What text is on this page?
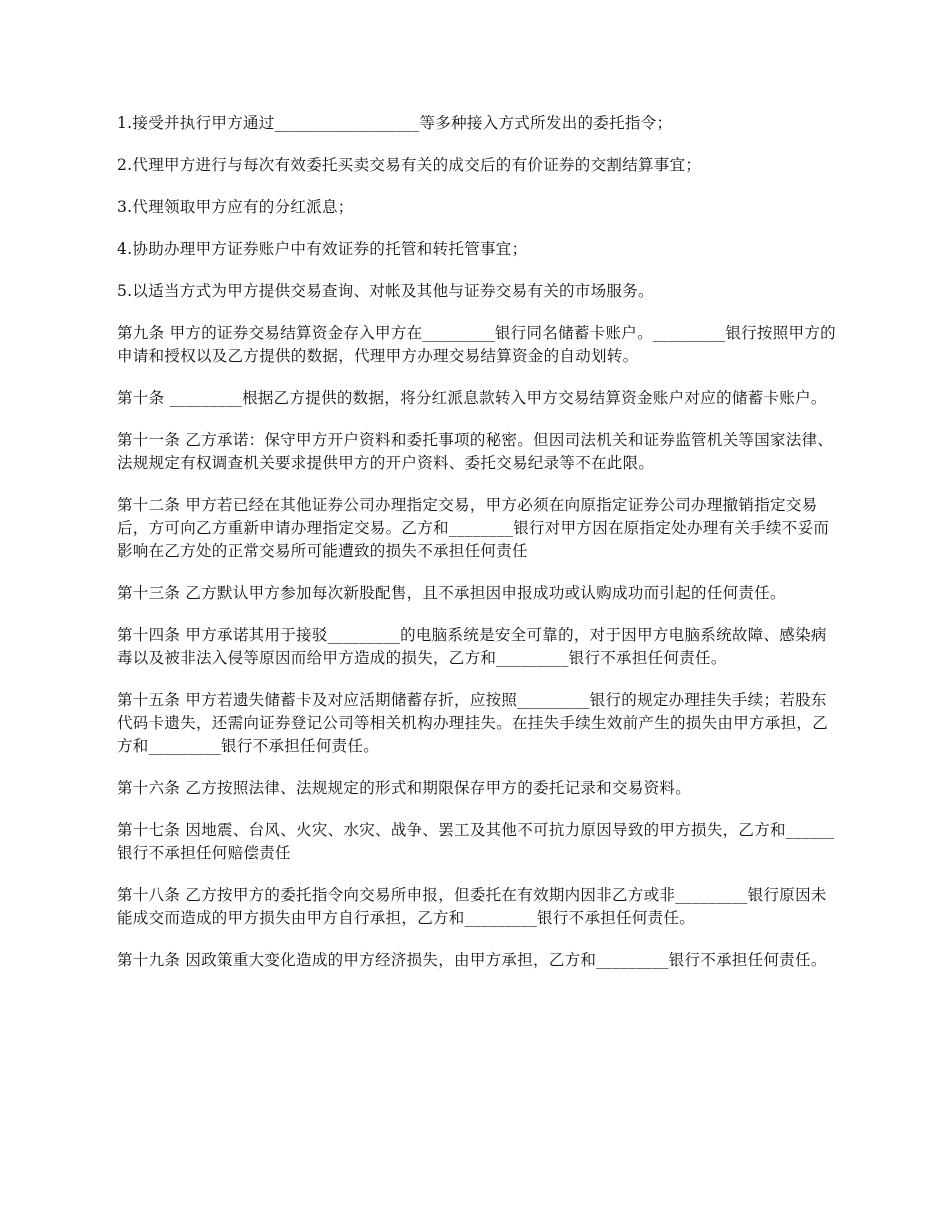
1.接受并执行甲方通过__________________等多种接入方式所发出的委托指令；

2.代理甲方进行与每次有效委托买卖交易有关的成交后的有价证券的交割结算事宜；

3.代理领取甲方应有的分红派息；

4.协助办理甲方证券账户中有效证券的托管和转托管事宜；

5.以适当方式为甲方提供交易查询、对帐及其他与证券交易有关的市场服务。

第九条 甲方的证券交易结算资金存入甲方在_________银行同名储蓄卡账户。_________银行按照甲方的申请和授权以及乙方提供的数据，代理甲方办理交易结算资金的自动划转。

第十条 _________根据乙方提供的数据，将分红派息款转入甲方交易结算资金账户对应的储蓄卡账户。

第十一条 乙方承诺：保守甲方开户资料和委托事项的秘密。但因司法机关和证券监管机关等国家法律、法规规定有权调查机关要求提供甲方的开户资料、委托交易纪录等不在此限。

第十二条 甲方若已经在其他证券公司办理指定交易，甲方必须在向原指定证券公司办理撤销指定交易后，方可向乙方重新申请办理指定交易。乙方和________银行对甲方因在原指定处办理有关手续不妥而影响在乙方处的正常交易所可能遭致的损失不承担任何责任

第十三条 乙方默认甲方参加每次新股配售，且不承担因申报成功或认购成功而引起的任何责任。

第十四条 甲方承诺其用于接驳_________的电脑系统是安全可靠的，对于因甲方电脑系统故障、感染病毒以及被非法入侵等原因而给甲方造成的损失，乙方和_________银行不承担任何责任。

第十五条 甲方若遗失储蓄卡及对应活期储蓄存折，应按照_________银行的规定办理挂失手续；若股东代码卡遗失，还需向证券登记公司等相关机构办理挂失。在挂失手续生效前产生的损失由甲方承担，乙方和_________银行不承担任何责任。

第十六条 乙方按照法律、法规规定的形式和期限保存甲方的委托记录和交易资料。

第十七条 因地震、台风、火灾、水灾、战争、罢工及其他不可抗力原因导致的甲方损失，乙方和______银行不承担任何赔偿责任

第十八条 乙方按甲方的委托指令向交易所申报，但委托在有效期内因非乙方或非_________银行原因未能成交而造成的甲方损失由甲方自行承担，乙方和_________银行不承担任何责任。

第十九条 因政策重大变化造成的甲方经济损失，由甲方承担，乙方和_________银行不承担任何责任。
